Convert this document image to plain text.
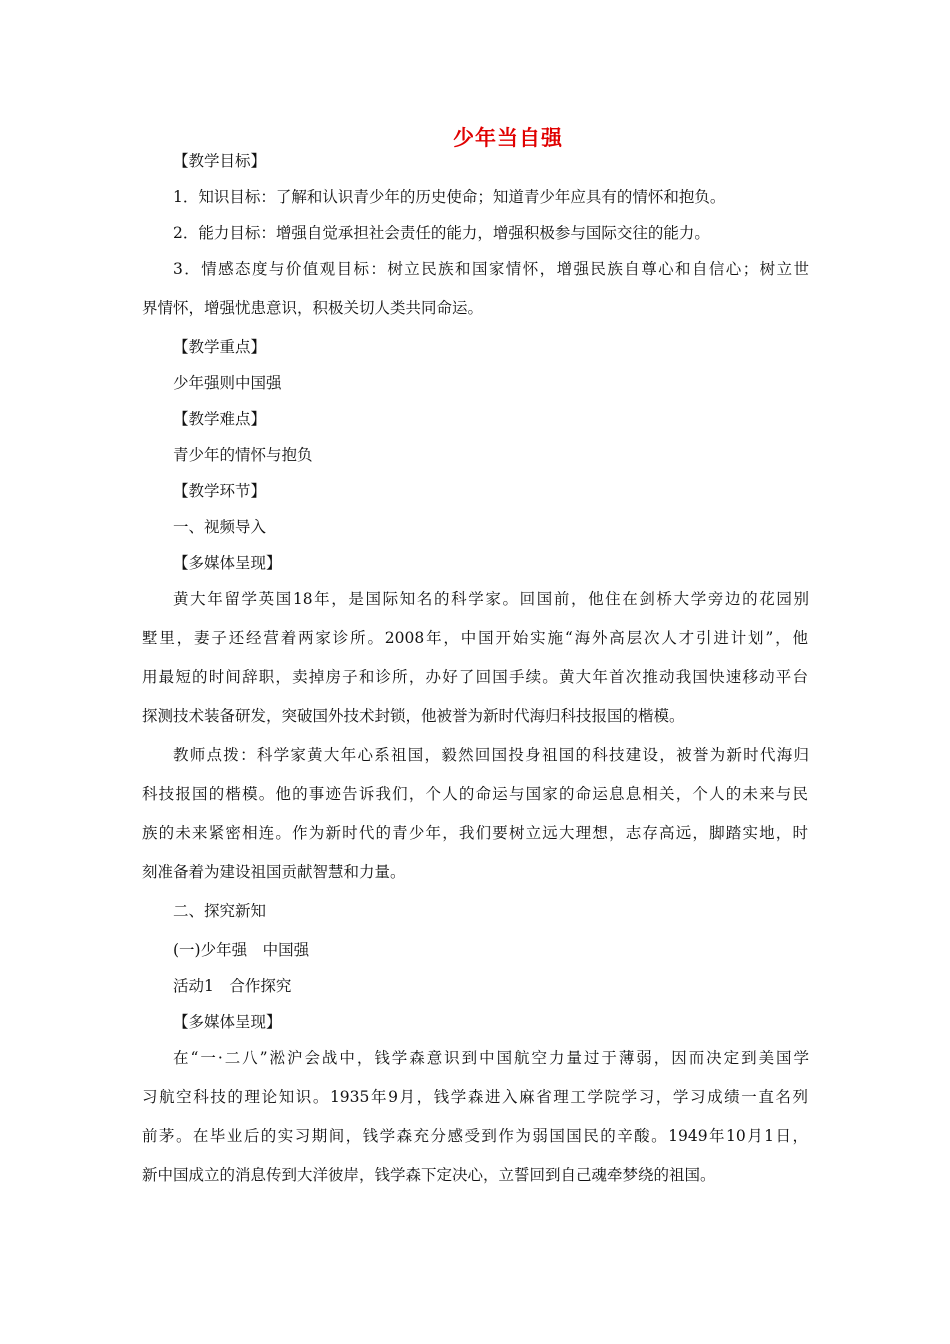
少年当自强
【教学目标】
1．知识目标：了解和认识青少年的历史使命；知道青少年应具有的情怀和抱负。
2．能力目标：增强自觉承担社会责任的能力，增强积极参与国际交往的能力。
3．情感态度与价值观目标：树立民族和国家情怀，增强民族自尊心和自信心；树立世
界情怀，增强忧患意识，积极关切人类共同命运。
【教学重点】
少年强则中国强
【教学难点】
青少年的情怀与抱负
【教学环节】
一、视频导入
【多媒体呈现】
黄大年留学英国18年，是国际知名的科学家。回国前，他住在剑桥大学旁边的花园别
墅里，妻子还经营着两家诊所。2008年，中国开始实施“海外高层次人才引进计划”，他
用最短的时间辞职，卖掉房子和诊所，办好了回国手续。黄大年首次推动我国快速移动平台
探测技术装备研发，突破国外技术封锁，他被誉为新时代海归科技报国的楷模。
教师点拨：科学家黄大年心系祖国，毅然回国投身祖国的科技建设，被誉为新时代海归
科技报国的楷模。他的事迹告诉我们，个人的命运与国家的命运息息相关，个人的未来与民
族的未来紧密相连。作为新时代的青少年，我们要树立远大理想，志存高远，脚踏实地，时
刻准备着为建设祖国贡献智慧和力量。
二、探究新知
(一)少年强　中国强
活动1　合作探究
【多媒体呈现】
在“一·二八”淞沪会战中，钱学森意识到中国航空力量过于薄弱，因而决定到美国学
习航空科技的理论知识。1935年9月，钱学森进入麻省理工学院学习，学习成绩一直名列
前茅。在毕业后的实习期间，钱学森充分感受到作为弱国国民的辛酸。1949年10月1日，
新中国成立的消息传到大洋彼岸，钱学森下定决心，立誓回到自己魂牵梦绕的祖国。
